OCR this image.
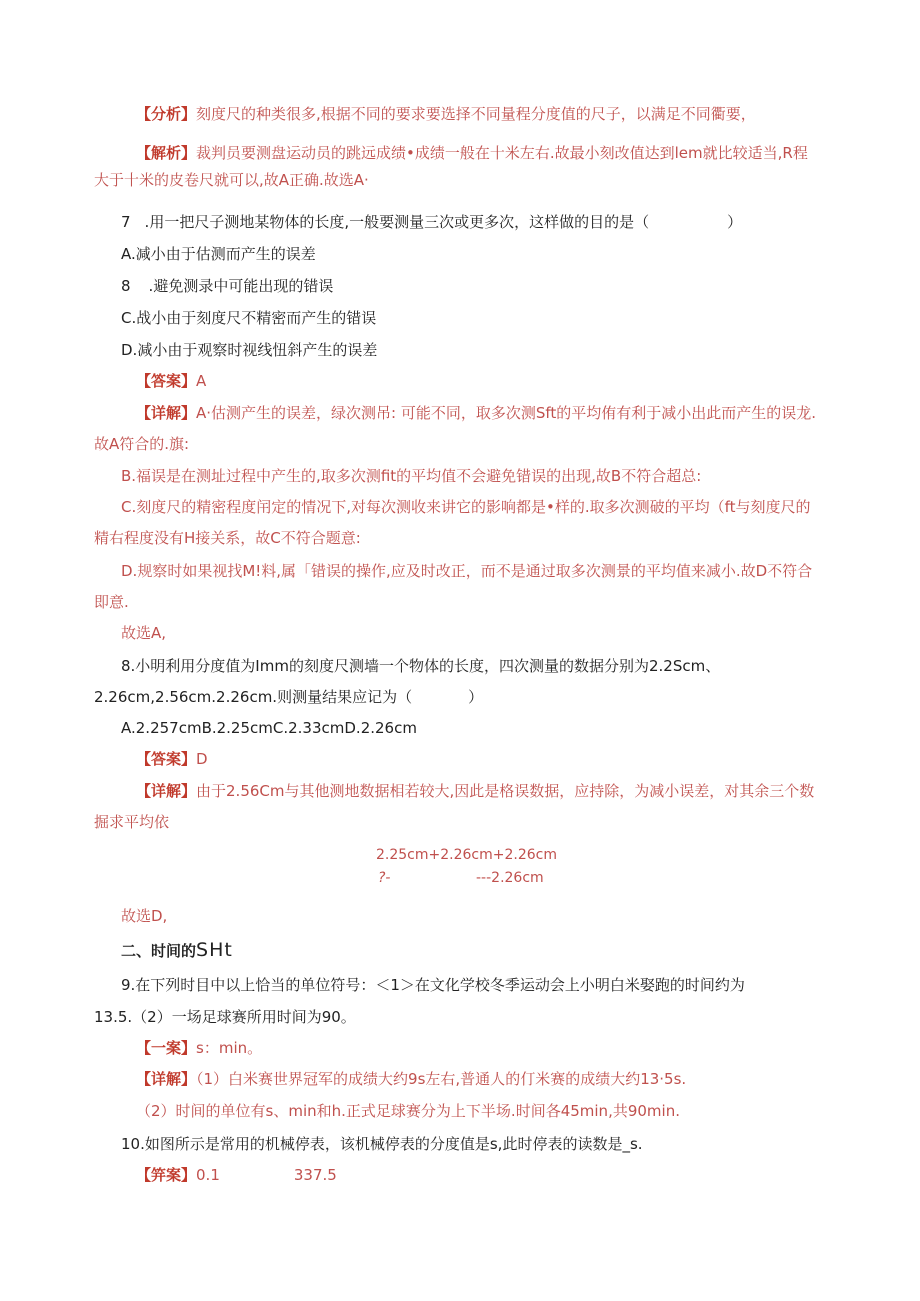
【分析】刻度尺的种类很多,根据不同的要求要选择不同量程分度值的尺子，以满足不同衢要，
【解析】裁判员要测盘运动员的跳远成绩•成绩一般在十米左右.故最小刻改值达到lem就比较适当,R程
大于十米的皮卷尺就可以,故A正确.故选A·
7 .用一把尺子测地某物体的长度,一般要测量三次或更多次，这样做的目的是（	）
A.减小由于估测而产生的误差
8 .避免测录中可能出现的错误
C.战小由于刻度尺不精密而产生的错误
D.减小由于观察时视线忸斜产生的误差
【答案】A
【详解】A·估测产生的误差，绿次测吊: 可能不同，取多次测Sft的平均侑有利于减小出此而产生的误龙.
故A符合的.旗:
B.福误是在测址过程中产生的,取多次测fit的平均值不会避免错误的出现,故B不符合超总:
C.刻度尺的精密程度闬定的情况下,对每次测收来讲它的影响都是•样的.取多次测破的平均（ft与刻度尺的
精右程度没有H接关系，故C不符合题意:
D.规察时如果视找M!料,属「错误的操作,应及时改正，而不是通过取多次测景的平均值来减小.故D不符合
即意.
故选A,
8.小明利用分度值为Imm的刻度尺测墙一个物体的长度，四次测量的数据分别为2.2Scm、
2.26cm,2.56cm.2.26cm.则测量结果应记为（	）
A.2.257cmB.2.25cmC.2.33cmD.2.26cm
【答案】D
【详解】由于2.56Cm与其他测地数据相若较大,因此是格误数据，应持除，为减小误差，对其余三个数
掘求平均依
2.25cm+2.26cm+2.26cm
?-	---2.26cm
故选D,
二、时间的SHt
9.在下列时目中以上恰当的单位符号：＜1＞在文化学校冬季运动会上小明白米娶跑的时间约为
13.5.（2）一场足球赛所用时间为90。
【一案】s：min。
【详解】（1）白米赛世界冠军的成绩大约9s左右,普通人的仃米赛的成绩大约13·5s.
（2）时间的单位有s、min和h.正式足球赛分为上下半场.时间各45min,共90min.
10.如图所示是常用的机械停表，该机械停表的分度值是s,此时停表的读数是_s.
【笄案】0.1	337.5
